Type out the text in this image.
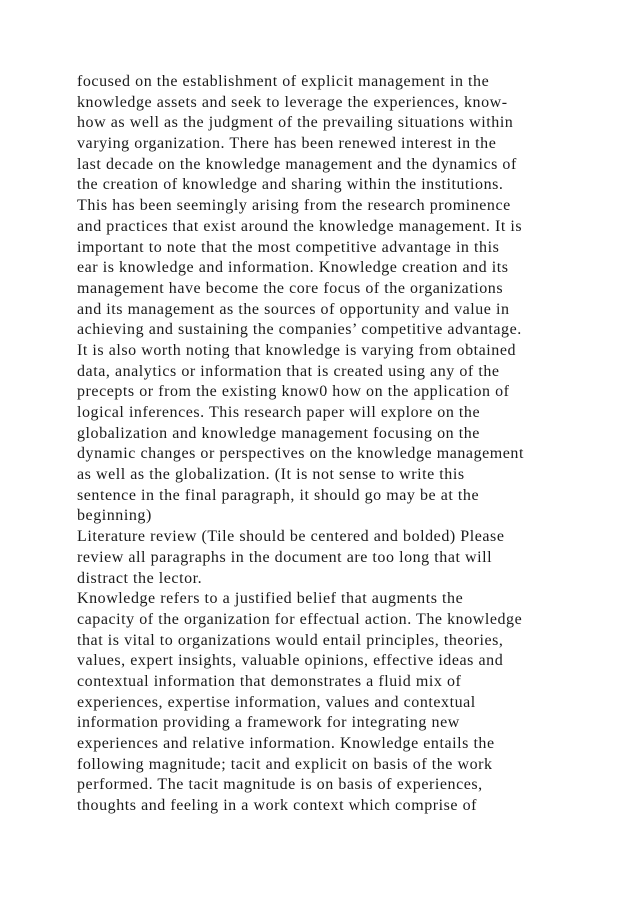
focused on the establishment of explicit management in the
knowledge assets and seek to leverage the experiences, know-
how as well as the judgment of the prevailing situations within
varying organization. There has been renewed interest in the
last decade on the knowledge management and the dynamics of
the creation of knowledge and sharing within the institutions.
This has been seemingly arising from the research prominence
and practices that exist around the knowledge management. It is
important to note that the most competitive advantage in this
ear is knowledge and information. Knowledge creation and its
management have become the core focus of the organizations
and its management as the sources of opportunity and value in
achieving and sustaining the companies’ competitive advantage.
It is also worth noting that knowledge is varying from obtained
data, analytics or information that is created using any of the
precepts or from the existing know0 how on the application of
logical inferences. This research paper will explore on the
globalization and knowledge management focusing on the
dynamic changes or perspectives on the knowledge management
as well as the globalization. (It is not sense to write this
sentence in the final paragraph, it should go may be at the
beginning)
Literature review (Tile should be centered and bolded) Please
review all paragraphs in the document are too long that will
distract the lector.
Knowledge refers to a justified belief that augments the
capacity of the organization for effectual action. The knowledge
that is vital to organizations would entail principles, theories,
values, expert insights, valuable opinions, effective ideas and
contextual information that demonstrates a fluid mix of
experiences, expertise information, values and contextual
information providing a framework for integrating new
experiences and relative information. Knowledge entails the
following magnitude; tacit and explicit on basis of the work
performed. The tacit magnitude is on basis of experiences,
thoughts and feeling in a work context which comprise of
